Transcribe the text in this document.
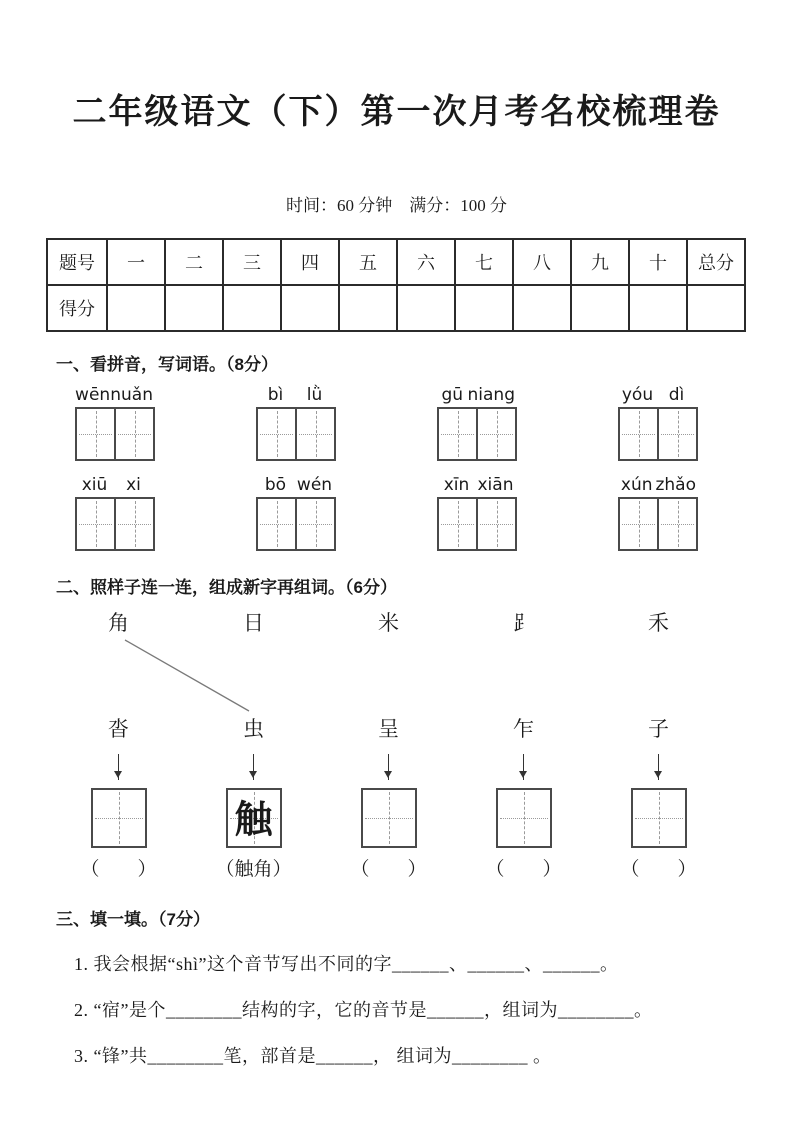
二年级语文（下）第一次月考名校梳理卷
时间：60 分钟    满分：100 分
题号	一	二	三	四	五	六	七	八	九	十	总分
得分											
一、看拼音，写词语。（8分）
wēn nuǎn	bì	lǜ	gū niang	yóu dì
xiū	xi	bō wén	xīn xiān	xún zhǎo
二、照样子连一连，组成新字再组词。（6分）
角	日	米	⻊	禾
沓	虫	呈	乍	子
触
（　　）	（触角）	（　　）	（　　）	（　　）
三、填一填。（7分）
1. 我会根据“shì”这个音节写出不同的字______、______、______。
2. “宿”是个________结构的字，它的音节是______，组词为________。
3. “锋”共________笔，部首是______， 组词为________ 。
